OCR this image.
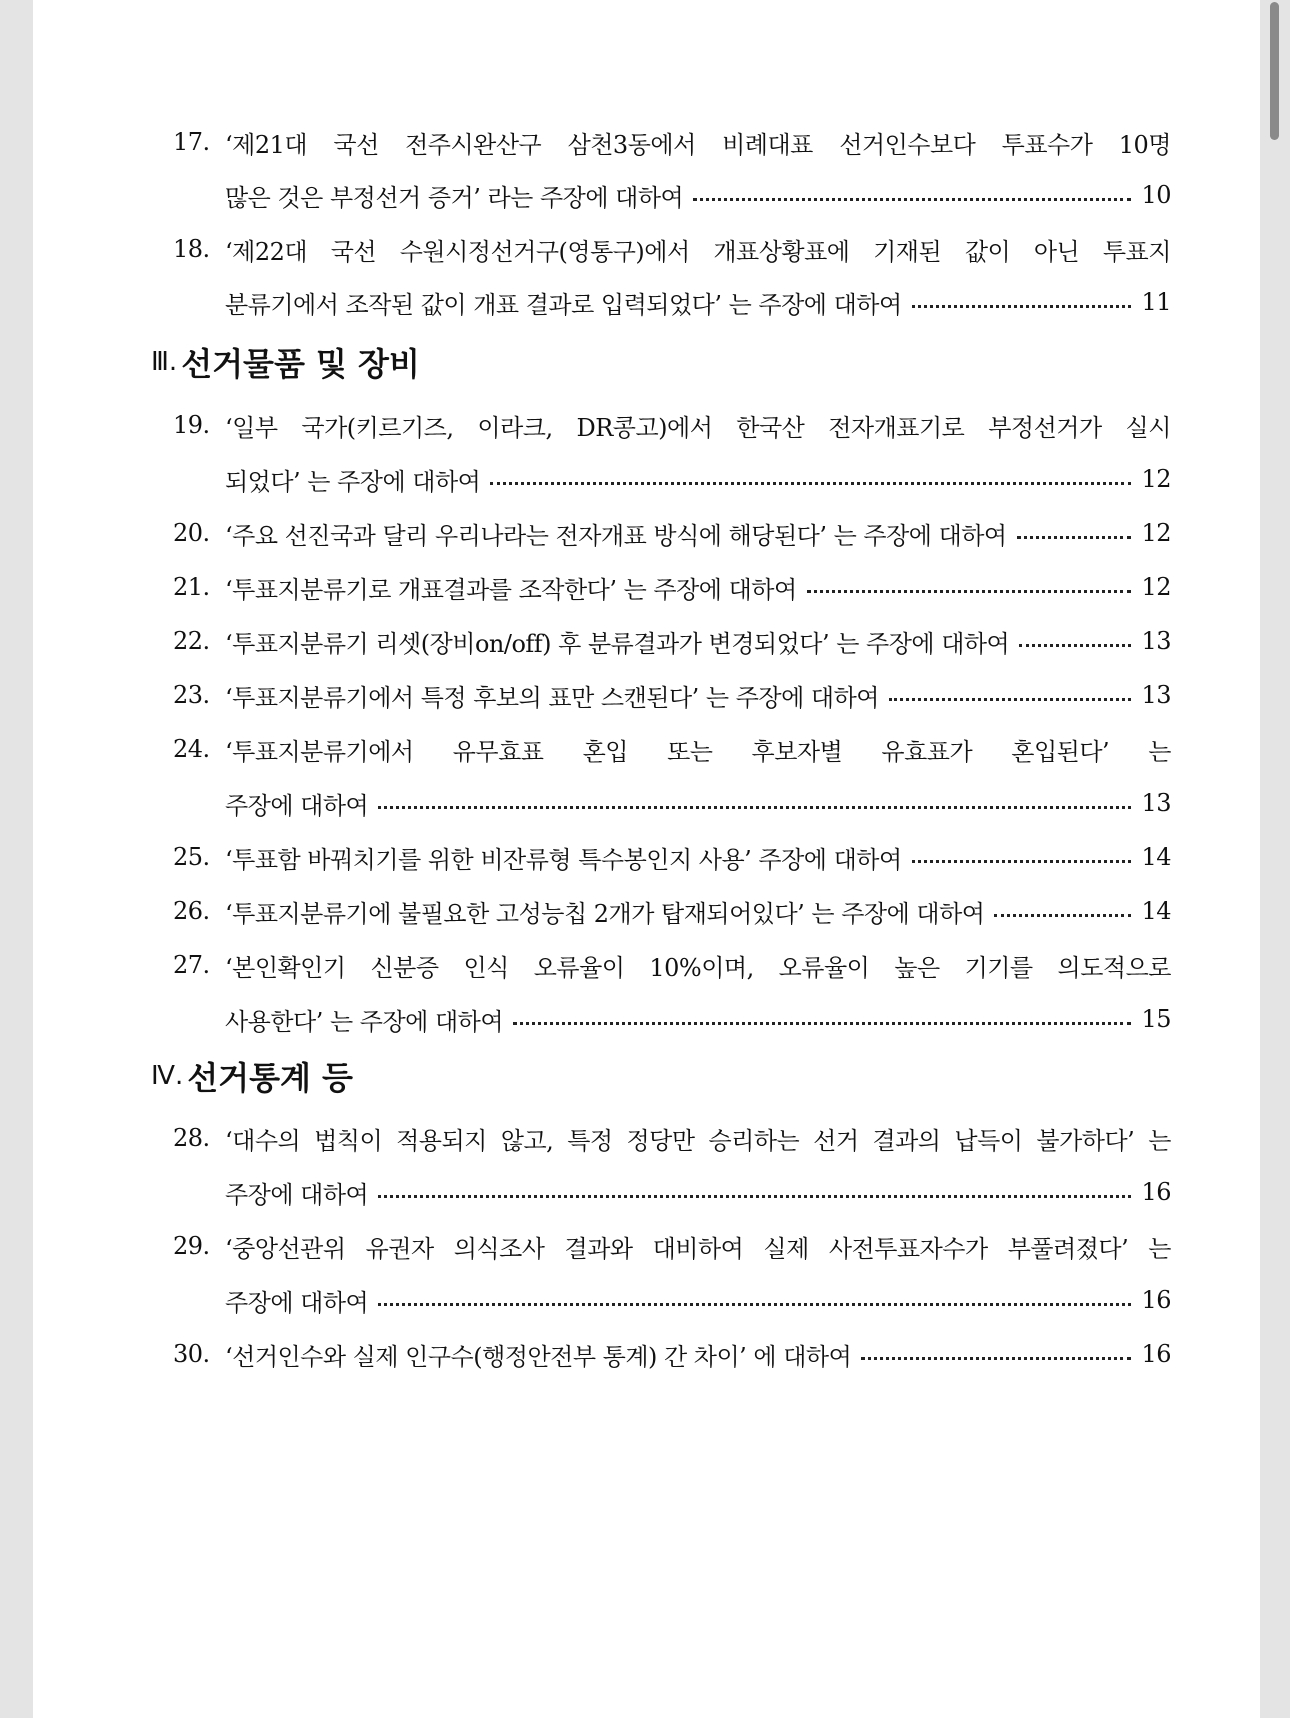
17. ‘제21대 국선 전주시완산구 삼천3동에서 비례대표 선거인수보다 투표수가 10명
많은 것은 부정선거 증거’ 라는 주장에 대하여	10
18. ‘제22대 국선 수원시정선거구(영통구)에서 개표상황표에 기재된 값이 아닌 투표지
분류기에서 조작된 값이 개표 결과로 입력되었다’ 는 주장에 대하여	11
Ⅲ. 선거물품 및 장비
19. ‘일부 국가(키르기즈, 이라크, DR콩고)에서 한국산 전자개표기로 부정선거가 실시
되었다’ 는 주장에 대하여	12
20. ‘주요 선진국과 달리 우리나라는 전자개표 방식에 해당된다’ 는 주장에 대하여	12
21. ‘투표지분류기로 개표결과를 조작한다’ 는 주장에 대하여	12
22. ‘투표지분류기 리셋(장비on/off) 후 분류결과가 변경되었다’ 는 주장에 대하여	13
23. ‘투표지분류기에서 특정 후보의 표만 스캔된다’ 는 주장에 대하여	13
24. ‘투표지분류기에서 유무효표 혼입 또는 후보자별 유효표가 혼입된다’ 는
주장에 대하여	13
25. ‘투표함 바꿔치기를 위한 비잔류형 특수봉인지 사용’ 주장에 대하여	14
26. ‘투표지분류기에 불필요한 고성능칩 2개가 탑재되어있다’ 는 주장에 대하여	14
27. ‘본인확인기 신분증 인식 오류율이 10%이며, 오류율이 높은 기기를 의도적으로
사용한다’ 는 주장에 대하여	15
Ⅳ. 선거통계 등
28. ‘대수의 법칙이 적용되지 않고, 특정 정당만 승리하는 선거 결과의 납득이 불가하다’ 는
주장에 대하여	16
29. ‘중앙선관위 유권자 의식조사 결과와 대비하여 실제 사전투표자수가 부풀려졌다’ 는
주장에 대하여	16
30. ‘선거인수와 실제 인구수(행정안전부 통계) 간 차이’ 에 대하여	16
